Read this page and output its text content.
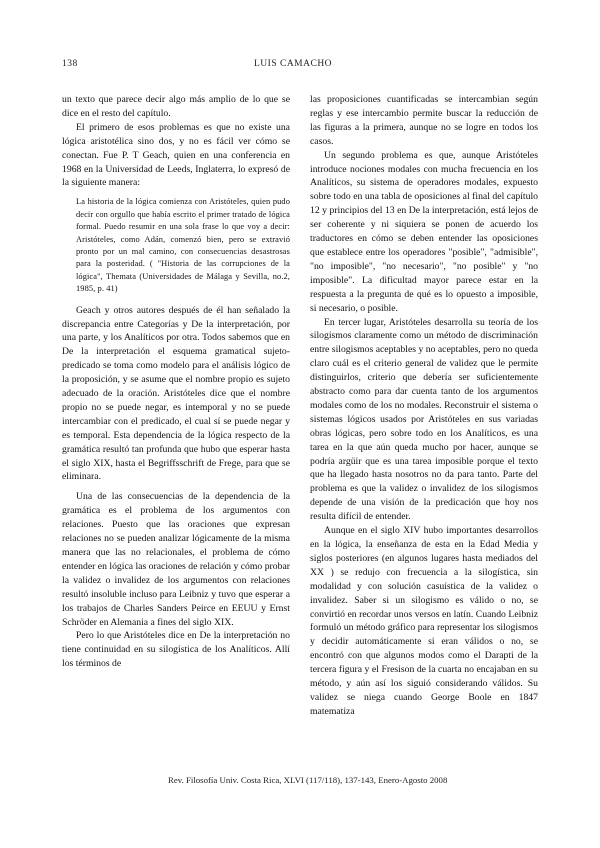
138	LUIS CAMACHO

un texto que parece decir algo más amplio de lo que se dice en el resto del capítulo.

El primero de esos problemas es que no existe una lógica aristotélica sino dos, y no es fácil ver cómo se conectan. Fue P. T Geach, quien en una conferencia en 1968 en la Universidad de Leeds, Inglaterra, lo expresó de la siguiente manera:

La historia de la lógica comienza con Aristóteles, quien pudo decir con orgullo que había escrito el primer tratado de lógica formal. Puedo resumir en una sola frase lo que voy a decir: Aristóteles, como Adán, comenzó bien, pero se extravió pronto por un mal camino, con consecuencias desastrosas para la posteridad. ( "Historia de las corrupciones de la lógica", Themata (Universidades de Málaga y Sevilla, no.2, 1985, p. 41)

Geach y otros autores después de él han señalado la discrepancia entre Categorías y De la interpretación, por una parte, y los Analíticos por otra. Todos sabemos que en De la interpretación el esquema gramatical sujeto-predicado se toma como modelo para el análisis lógico de la proposición, y se asume que el nombre propio es sujeto adecuado de la oración. Aristóteles dice que el nombre propio no se puede negar, es intemporal y no se puede intercambiar con el predicado, el cual sí se puede negar y es temporal. Esta dependencia de la lógica respecto de la gramática resultó tan profunda que hubo que esperar hasta el siglo XIX, hasta el Begriffsschrift de Frege, para que se eliminara.

Una de las consecuencias de la dependencia de la gramática es el problema de los argumentos con relaciones. Puesto que las oraciones que expresan relaciones no se pueden analizar lógicamente de la misma manera que las no relacionales, el problema de cómo entender en lógica las oraciones de relación y cómo probar la validez o invalidez de los argumentos con relaciones resultó insoluble incluso para Leibniz y tuvo que esperar a los trabajos de Charles Sanders Peirce en EEUU y Ernst Schröder en Alemania a fines del siglo XIX.

Pero lo que Aristóteles dice en De la interpretación no tiene continuidad en su silogística de los Analíticos. Allí los términos de

las proposiciones cuantificadas se intercambian según reglas y ese intercambio permite buscar la reducción de las figuras a la primera, aunque no se logre en todos los casos.

Un segundo problema es que, aunque Aristóteles introduce nociones modales con mucha frecuencia en los Analíticos, su sistema de operadores modales, expuesto sobre todo en una tabla de oposiciones al final del capítulo 12 y principios del 13 en De la interpretación, está lejos de ser coherente y ni siquiera se ponen de acuerdo los traductores en cómo se deben entender las oposiciones que establece entre los operadores "posible", "admisible", "no imposible", "no necesario", "no posible" y "no imposible". La dificultad mayor parece estar en la respuesta a la pregunta de qué es lo opuesto a imposible, si necesario, o posible.

En tercer lugar, Aristóteles desarrolla su teoría de los silogismos claramente como un método de discriminación entre silogismos aceptables y no aceptables, pero no queda claro cuál es el criterio general de validez que le permite distinguirlos, criterio que debería ser suficientemente abstracto como para dar cuenta tanto de los argumentos modales como de los no modales. Reconstruir el sistema o sistemas lógicos usados por Aristóteles en sus variadas obras lógicas, pero sobre todo en los Analíticos, es una tarea en la que aún queda mucho por hacer, aunque se podría argüir que es una tarea imposible porque el texto que ha llegado hasta nosotros no da para tanto. Parte del problema es que la validez o invalidez de los silogismos depende de una visión de la predicación que hoy nos resulta difícil de entender.

Aunque en el siglo XIV hubo importantes desarrollos en la lógica, la enseñanza de esta en la Edad Media y siglos posteriores (en algunos lugares hasta mediados del XX ) se redujo con frecuencia a la silogística, sin modalidad y con solución casuística de la validez o invalidez. Saber si un silogismo es válido o no, se convirtió en recordar unos versos en latín. Cuando Leibniz formuló un método gráfico para representar los silogismos y decidir automáticamente si eran válidos o no, se encontró con que algunos modos como el Darapti de la tercera figura y el Fresison de la cuarta no encajaban en su método, y aún así los siguió considerando válidos. Su validez se niega cuando George Boole en 1847 matematiza

Rev. Filosofía Univ. Costa Rica, XLVI (117/118), 137-143, Enero-Agosto 2008
